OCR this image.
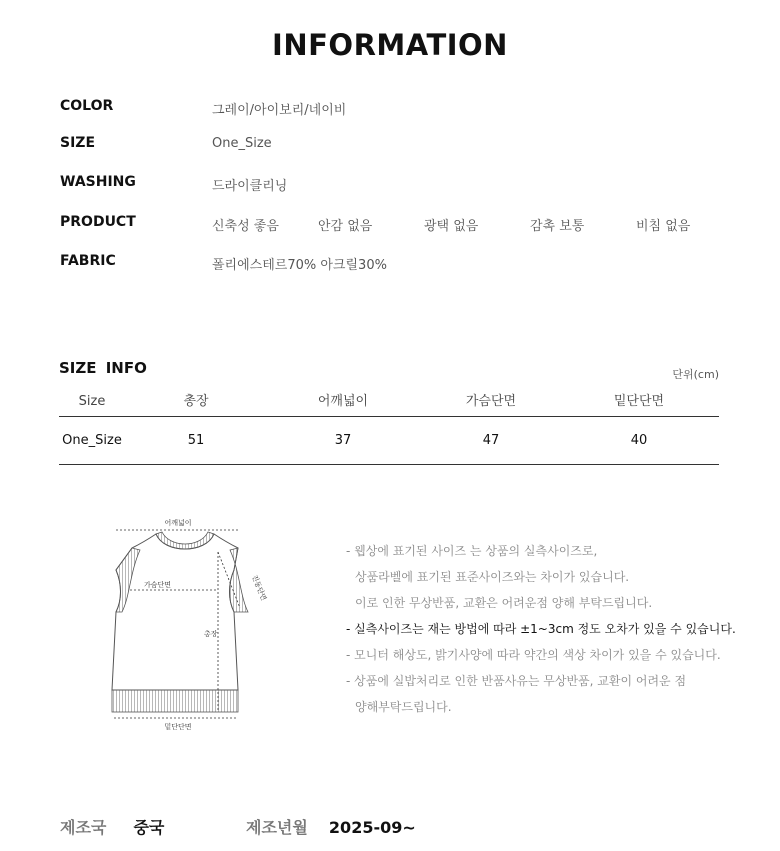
INFORMATION
COLOR	그레이/아이보리/네이비
SIZE	One_Size
WASHING	드라이클리닝
PRODUCT	신축성 좋음	안감 없음	광택 없음	감촉 보통	비침 없음
FABRIC	폴리에스테르70% 아크릴30%
SIZE INFO	단위(cm)
Size	총장	어깨넓이	가슴단면	밑단단면
One_Size	51	37	47	40
어깨넓이
가슴단면	진동단면
총장
밑단단면
- 웹상에 표기된 사이즈 는 상품의 실측사이즈로,
상품라벨에 표기된 표준사이즈와는 차이가 있습니다.
이로 인한 무상반품, 교환은 어려운점 양해 부탁드립니다.
- 실측사이즈는 재는 방법에 따라 ±1~3cm 정도 오차가 있을 수 있습니다.
- 모니터 해상도, 밝기사양에 따라 약간의 색상 차이가 있을 수 있습니다.
- 상품에 실밥처리로 인한 반품사유는 무상반품, 교환이 어려운 점
양해부탁드립니다.
제조국 중국	제조년월 2025-09~
